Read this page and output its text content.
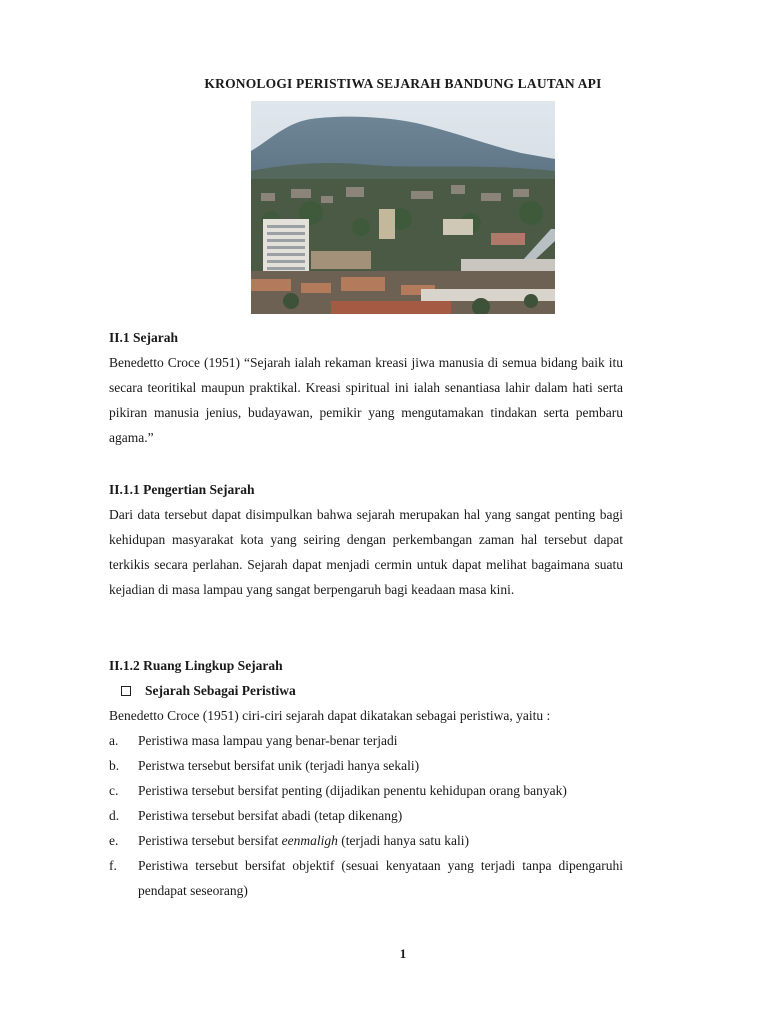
KRONOLOGI PERISTIWA SEJARAH BANDUNG LAUTAN API
II.1 Sejarah

Benedetto Croce (1951) “Sejarah ialah rekaman kreasi jiwa manusia di semua bidang baik itu secara teoritikal maupun praktikal. Kreasi spiritual ini ialah senantiasa lahir dalam hati serta pikiran manusia jenius, budayawan, pemikir yang mengutamakan tindakan serta pembaru agama.”

II.1.1 Pengertian Sejarah

Dari data tersebut dapat disimpulkan bahwa sejarah merupakan hal yang sangat penting bagi kehidupan masyarakat kota yang seiring dengan perkembangan zaman hal tersebut dapat terkikis secara perlahan. Sejarah dapat menjadi cermin untuk dapat melihat bagaimana suatu kejadian di masa lampau yang sangat berpengaruh bagi keadaan masa kini.

II.1.2 Ruang Lingkup Sejarah
Sejarah Sebagai Peristiwa
Benedetto Croce (1951) ciri-ciri sejarah dapat dikatakan sebagai peristiwa, yaitu :
a.	Peristiwa masa lampau yang benar-benar terjadi
b.	Peristwa tersebut bersifat unik (terjadi hanya sekali)
c.	Peristiwa tersebut bersifat penting (dijadikan penentu kehidupan orang banyak)
d.	Peristiwa tersebut bersifat abadi (tetap dikenang)
e.	Peristiwa tersebut bersifat eenmaligh (terjadi hanya satu kali)
f.	Peristiwa tersebut bersifat objektif (sesuai kenyataan yang terjadi tanpa dipengaruhi pendapat seseorang)
1
